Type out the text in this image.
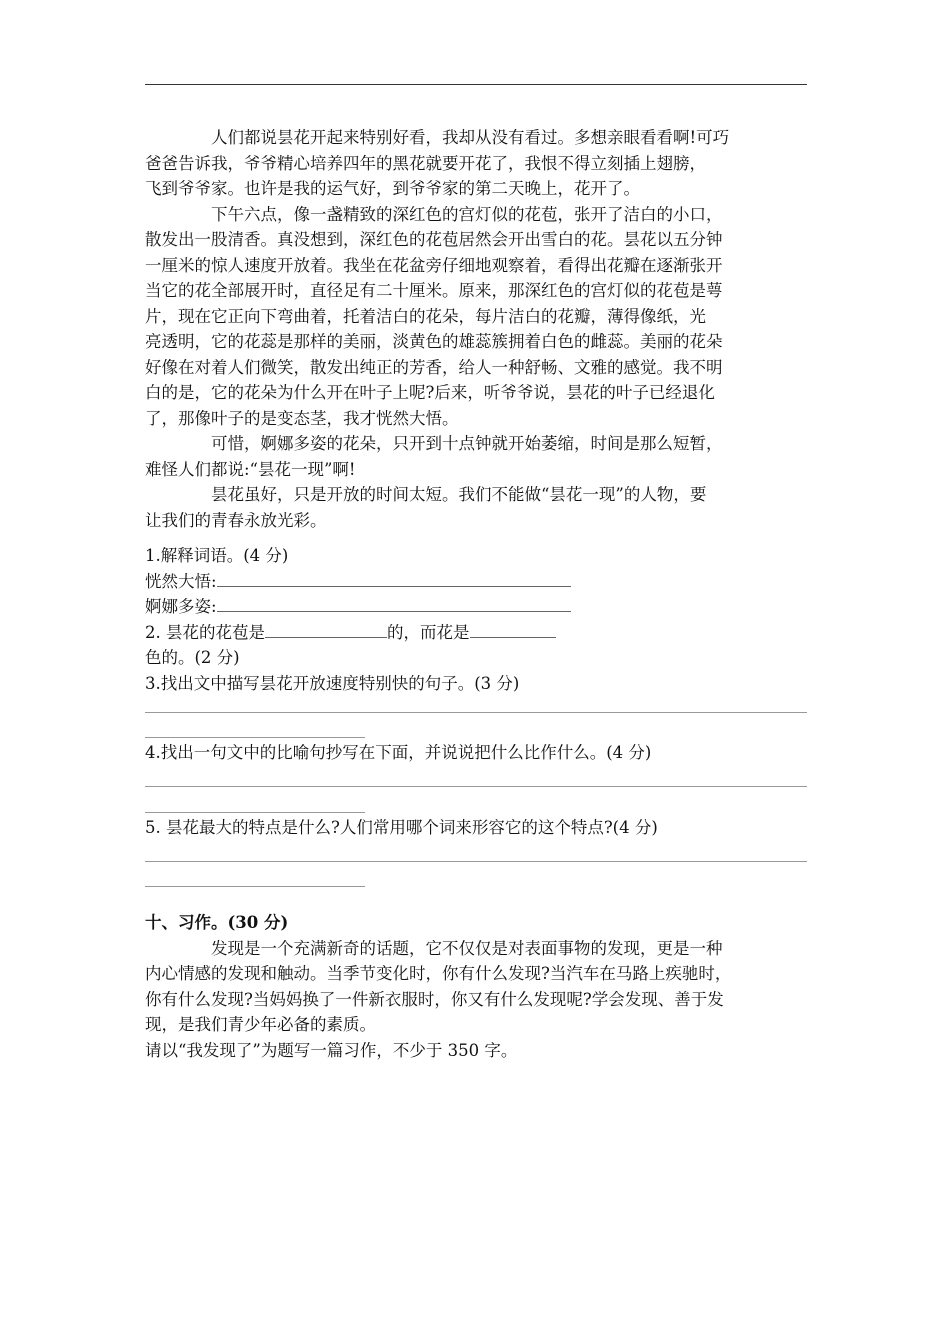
人们都说昙花开起来特别好看，我却从没有看过。多想亲眼看看啊!可巧
爸爸告诉我，爷爷精心培养四年的黑花就要开花了，我恨不得立刻插上翅膀，
飞到爷爷家。也许是我的运气好，到爷爷家的第二天晚上，花开了。

下午六点，像一盏精致的深红色的宫灯似的花苞，张开了洁白的小口，
散发出一股清香。真没想到，深红色的花苞居然会开出雪白的花。昙花以五分钟
一厘米的惊人速度开放着。我坐在花盆旁仔细地观察着，看得出花瓣在逐渐张开
当它的花全部展开时，直径足有二十厘米。原来，那深红色的宫灯似的花苞是萼
片，现在它正向下弯曲着，托着洁白的花朵，每片洁白的花瓣，薄得像纸，光
亮透明，它的花蕊是那样的美丽，淡黄色的雄蕊簇拥着白色的雌蕊。美丽的花朵
好像在对着人们微笑，散发出纯正的芳香，给人一种舒畅、文雅的感觉。我不明
白的是，它的花朵为什么开在叶子上呢?后来，听爷爷说，昙花的叶子已经退化
了，那像叶子的是变态茎，我才恍然大悟。

可惜，婀娜多姿的花朵，只开到十点钟就开始萎缩，时间是那么短暂，
难怪人们都说:“昙花一现”啊!

昙花虽好，只是开放的时间太短。我们不能做“昙花一现”的人物，要
让我们的青春永放光彩。

1.解释词语。(4 分)
恍然大悟:
婀娜多姿:
2. 昙花的花苞是	的，而花是
色的。(2 分)
3.找出文中描写昙花开放速度特别快的句子。(3 分)
4.找出一句文中的比喻句抄写在下面，并说说把什么比作什么。(4 分)
5. 昙花最大的特点是什么?人们常用哪个词来形容它的这个特点?(4 分)
十、习作。(30 分)
发现是一个充满新奇的话题，它不仅仅是对表面事物的发现，更是一种
内心情感的发现和触动。当季节变化时，你有什么发现?当汽车在马路上疾驰时，
你有什么发现?当妈妈换了一件新衣服时，你又有什么发现呢?学会发现、善于发
现，是我们青少年必备的素质。
请以“我发现了”为题写一篇习作，不少于 350 字。
